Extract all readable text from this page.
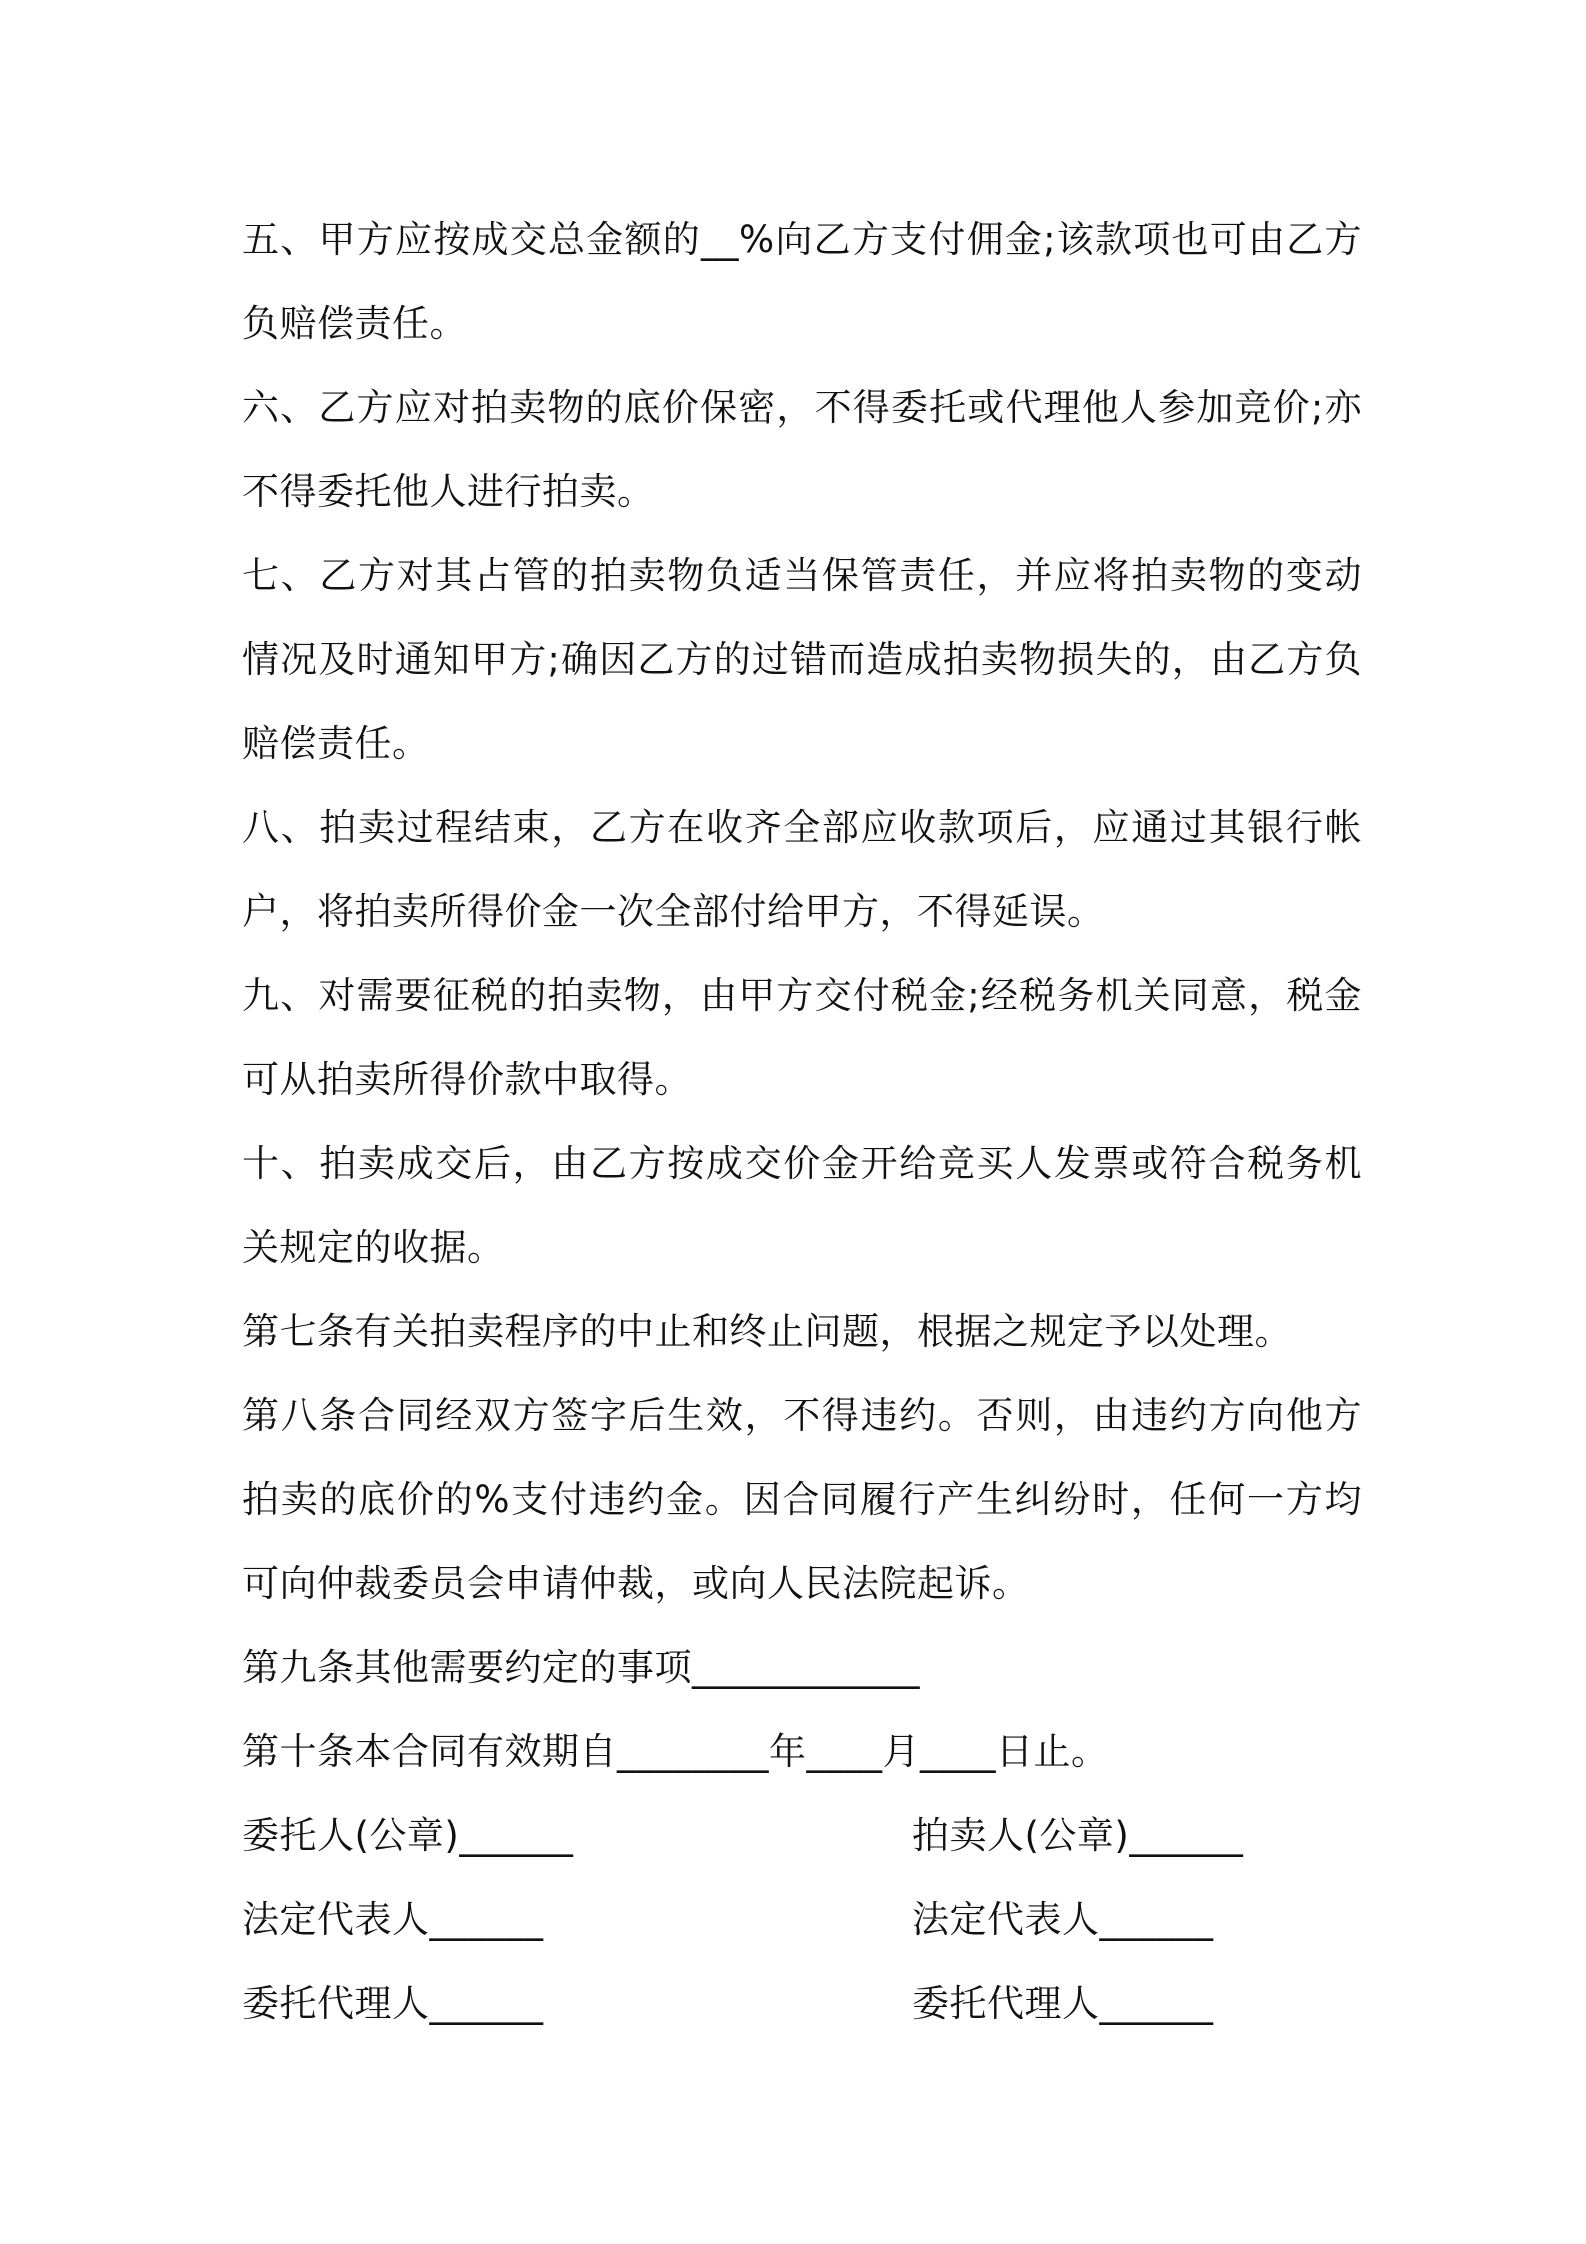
五、甲方应按成交总金额的__%向乙方支付佣金;该款项也可由乙方负赔偿责任。

六、乙方应对拍卖物的底价保密，不得委托或代理他人参加竞价;亦不得委托他人进行拍卖。

七、乙方对其占管的拍卖物负适当保管责任，并应将拍卖物的变动情况及时通知甲方;确因乙方的过错而造成拍卖物损失的，由乙方负赔偿责任。

八、拍卖过程结束，乙方在收齐全部应收款项后，应通过其银行帐户，将拍卖所得价金一次全部付给甲方，不得延误。

九、对需要征税的拍卖物，由甲方交付税金;经税务机关同意，税金可从拍卖所得价款中取得。

十、拍卖成交后，由乙方按成交价金开给竞买人发票或符合税务机关规定的收据。

第七条有关拍卖程序的中止和终止问题，根据之规定予以处理。

第八条合同经双方签字后生效，不得违约。否则，由违约方向他方拍卖的底价的%支付违约金。因合同履行产生纠纷时，任何一方均可向仲裁委员会申请仲裁，或向人民法院起诉。

第九条其他需要约定的事项____________

第十条本合同有效期自________年____月____日止。

委托人(公章)______	拍卖人(公章)______
法定代表人______	法定代表人______
委托代理人______	委托代理人______
